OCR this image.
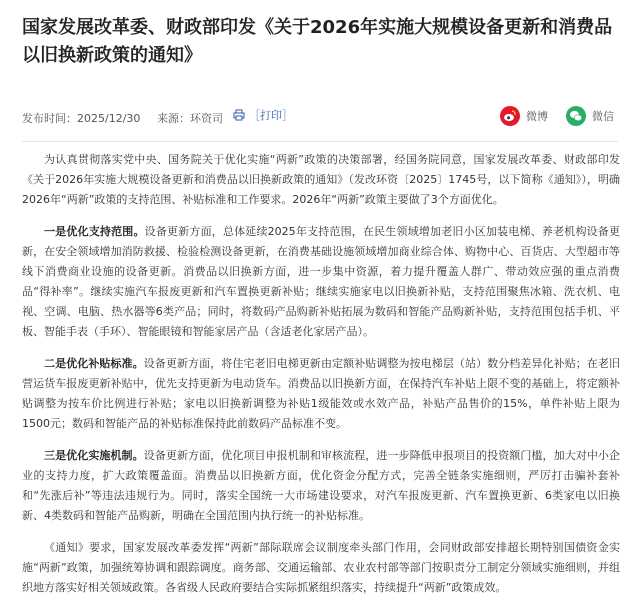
国家发展改革委、财政部印发《关于2026年实施大规模设备更新和消费品以旧换新政策的通知》
发布时间：2025/12/30 来源：环资司 ［打印］	微博	微信

为认真贯彻落实党中央、国务院关于优化实施“两新”政策的决策部署，经国务院同意，国家发展改革委、财政部印发《关于2026年实施大规模设备更新和消费品以旧换新政策的通知》（发改环资〔2025〕1745号，以下简称《通知》），明确2026年“两新”政策的支持范围、补贴标准和工作要求。2026年“两新”政策主要做了3个方面优化。

一是优化支持范围。设备更新方面，总体延续2025年支持范围，在民生领域增加老旧小区加装电梯、养老机构设备更新，在安全领域增加消防救援、检验检测设备更新，在消费基础设施领域增加商业综合体、购物中心、百货店、大型超市等线下消费商业设施的设备更新。消费品以旧换新方面，进一步集中资源，着力提升覆盖人群广、带动效应强的重点消费品“得补率”。继续实施汽车报废更新和汽车置换更新补贴；继续实施家电以旧换新补贴，支持范围聚焦冰箱、洗衣机、电视、空调、电脑、热水器等6类产品；同时，将数码产品购新补贴拓展为数码和智能产品购新补贴，支持范围包括手机、平板、智能手表（手环）、智能眼镜和智能家居产品（含适老化家居产品）。

二是优化补贴标准。设备更新方面，将住宅老旧电梯更新由定额补贴调整为按电梯层（站）数分档差异化补贴；在老旧营运货车报废更新补贴中，优先支持更新为电动货车。消费品以旧换新方面，在保持汽车补贴上限不变的基础上，将定额补贴调整为按车价比例进行补贴；家电以旧换新调整为补贴1级能效或水效产品，补贴产品售价的15%，单件补贴上限为1500元；数码和智能产品的补贴标准保持此前数码产品标准不变。

三是优化实施机制。设备更新方面，优化项目申报机制和审核流程，进一步降低申报项目的投资额门槛，加大对中小企业的支持力度，扩大政策覆盖面。消费品以旧换新方面，优化资金分配方式，完善全链条实施细则，严厉打击骗补套补和“先涨后补”等违法违规行为。同时，落实全国统一大市场建设要求，对汽车报废更新、汽车置换更新、6类家电以旧换新、4类数码和智能产品购新，明确在全国范围内执行统一的补贴标准。

《通知》要求，国家发展改革委发挥“两新”部际联席会议制度牵头部门作用，会同财政部安排超长期特别国债资金实施“两新”政策，加强统筹协调和跟踪调度。商务部、交通运输部、农业农村部等部门按职责分工制定分领域实施细则，并组织地方落实好相关领域政策。各省级人民政府要结合实际抓紧组织落实，持续提升“两新”政策成效。
